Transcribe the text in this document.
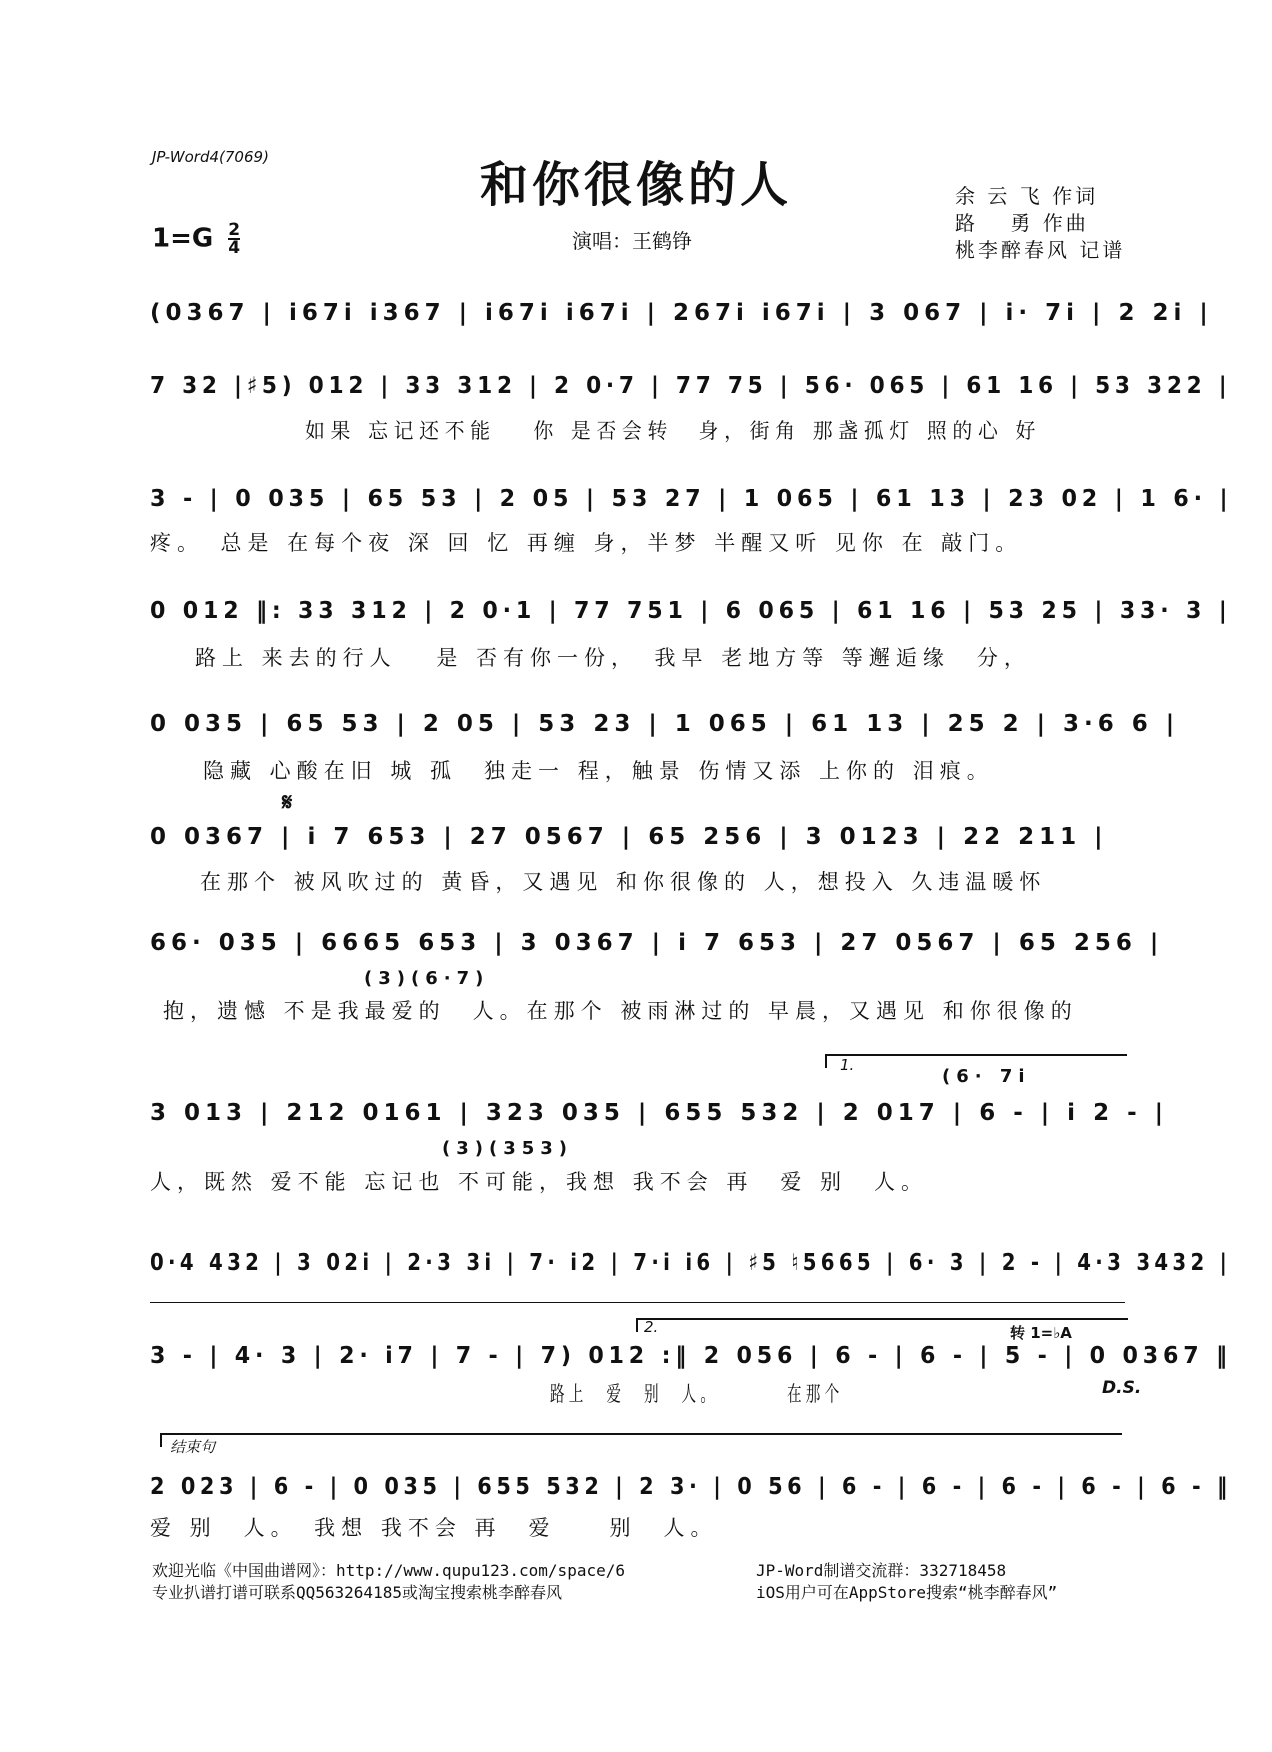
JP-Word4(7069)	和你很像的人	余 云 飞 作词
路　 勇 作曲
桃李醉春风 记谱
$1=G \frac{2}{4}$	演唱：王鹤铮
(0367 | i67i i367 | i67i i67i | 267i i67i | 3 067 | i· 7i | 2 2i |
7 32 |♯5) 012 | 33 312 | 2 0·7 | 77 75 | 56· 065 | 61 16 | 53 322 |
如果 忘记还不能　 你 是否会转　身，街角 那盏孤灯 照的心 好
3 - | 0 035 | 65 53 | 2 05 | 53 27 | 1 065 | 61 13 | 23 02 | 1 6· |
疼。　总是 在每个夜 深 回 忆 再缠 身，半梦 半醒又听 见你 在 敲门。
0 012 ‖: 33 312 | 2 0·1 | 77 751 | 6 065 | 61 16 | 53 25 | 33· 3 |
路上 来去的行人　 是 否有你一份，　我早 老地方等 等邂逅缘　分，
0 035 | 65 53 | 2 05 | 53 23 | 1 065 | 61 13 | 25 2 | 3·6 6 |
隐藏 心酸在旧 城 孤　独走一 程，触景 伤情又添 上你的 泪痕。
𝄋
0 0367 | i 7 653 | 27 0567 | 65 256 | 3 0123 | 22 211 |
在那个 被风吹过的 黄昏，又遇见 和你很像的 人，想投入 久违温暖怀
66· 035 | 6665 653 | 3 0367 | i 7 653 | 27 0567 | 65 256 |
(3)(6·7)
抱，遗憾 不是我最爱的　人。在那个 被雨淋过的 早晨，又遇见 和你很像的
1.
(6· 7i
3 013 | 212 0161 | 323 035 | 655 532 | 2 017 | 6 - | i 2 - |
(3)(353)
人，既然 爱不能 忘记也 不可能，我想 我不会 再　爱 别　人。
0·4 432 | 3 02i | 2·3 3i | 7· i2 | 7·i i6 | ♯5 ♮5665 | 6· 3 | 2 - | 4·3 3432 |
2.	转 1=♭A
3 - | 4· 3 | 2· i7 | 7 - | 7) 012 :‖ 2 056 | 6 - | 6 - | 5 - | 0 0367 ‖
路上　爱　别　人。　　　　在那个	D.S.
结束句
2 023 | 6 - | 0 035 | 655 532 | 2 3· | 0 56 | 6 - | 6 - | 6 - | 6 - | 6 - ‖
爱 别　人。　我想 我不会 再　爱　　别　人。
欢迎光临《中国曲谱网》：http://www.qupu123.com/space/6
专业扒谱打谱可联系QQ563264185或淘宝搜索桃李醉春风
JP-Word制谱交流群：332718458
iOS用户可在AppStore搜索“桃李醉春风”
